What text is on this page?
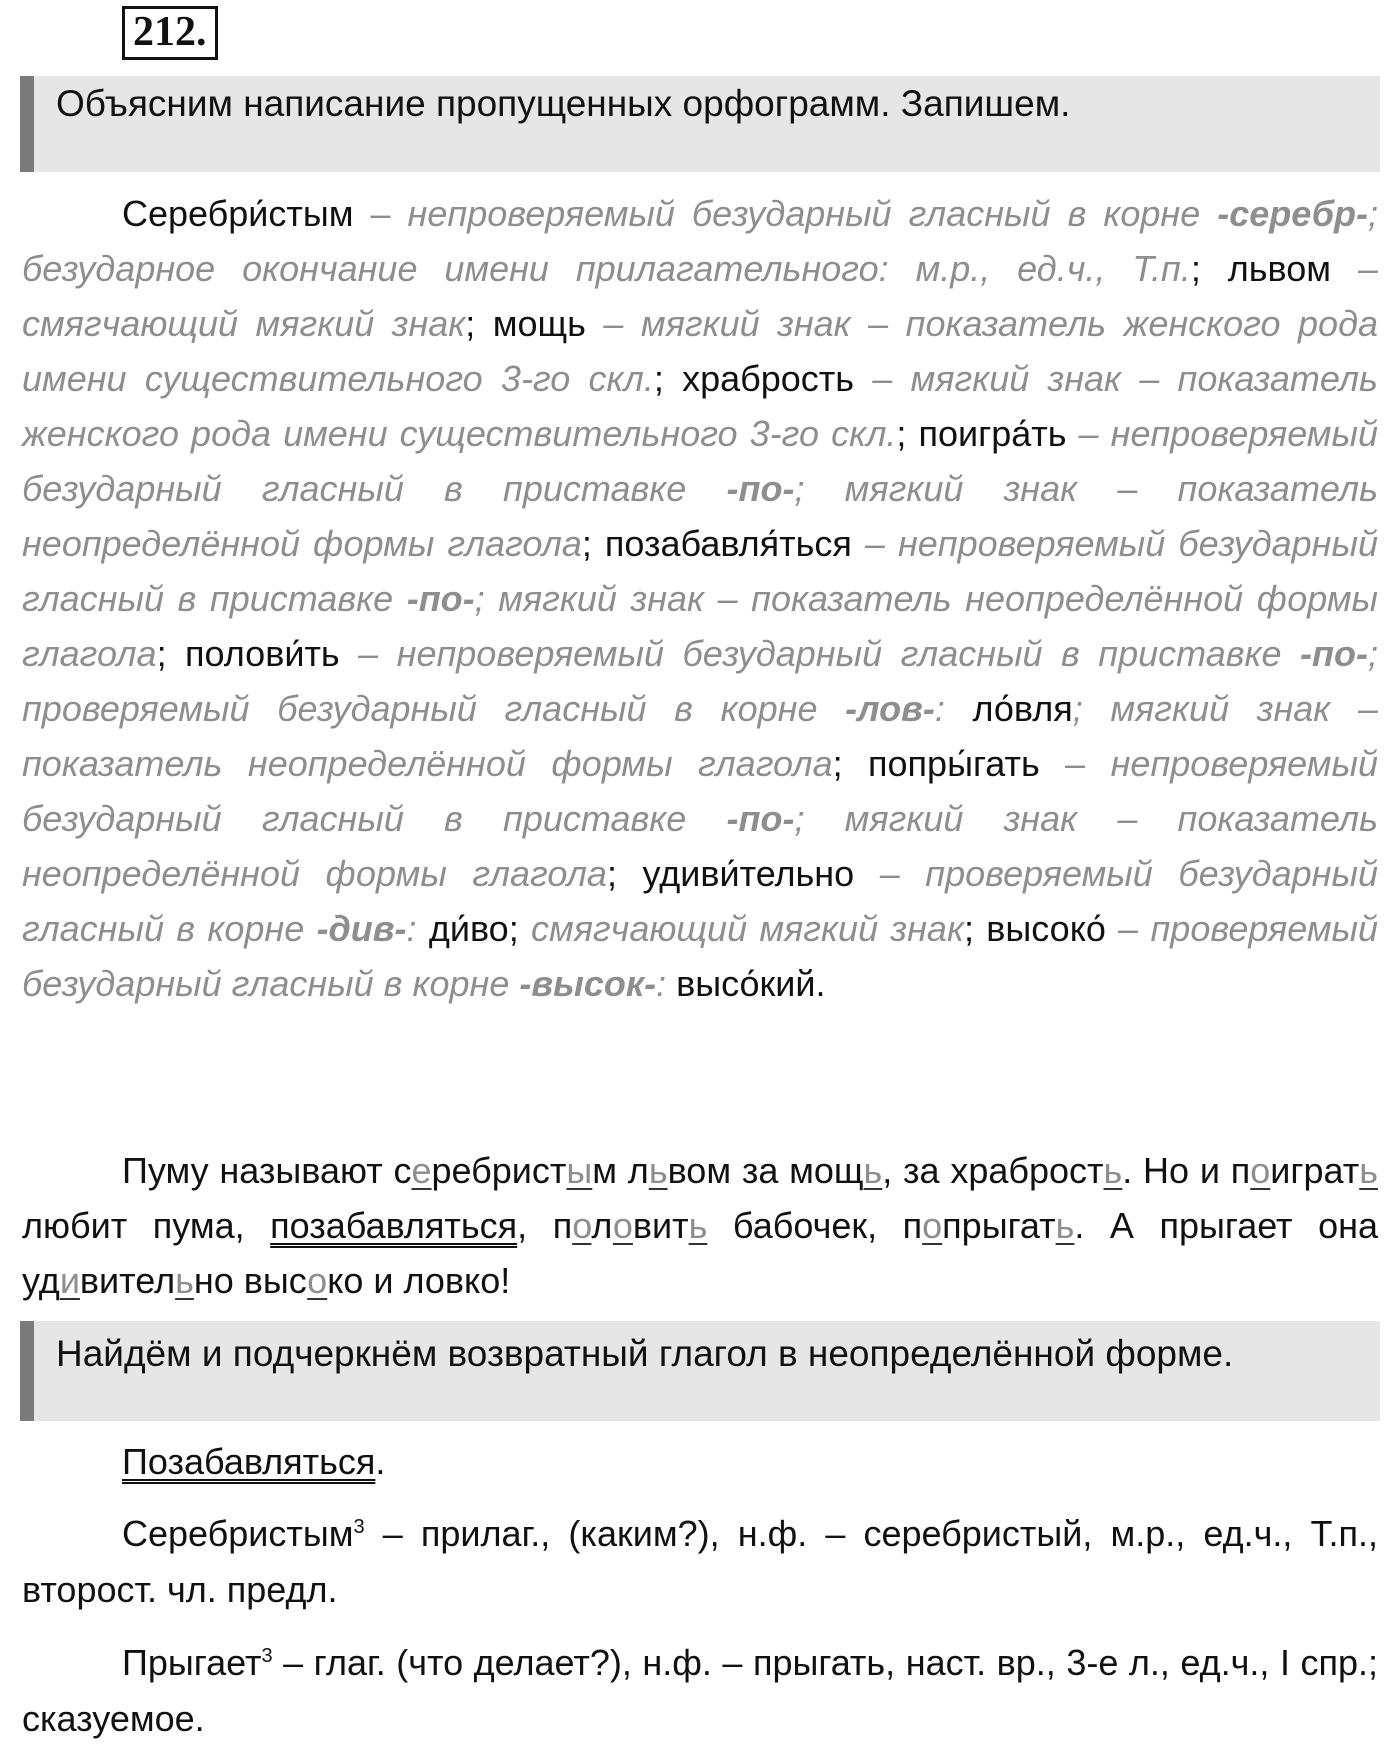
212.
Объясним написание пропущенных орфограмм. Запишем.

Серебри́стым – непроверяемый безударный гласный в корне -серебр-; безударное окончание имени прилагательного: м.р., ед.ч., Т.п.; львом – смягчающий мягкий знак; мощь – мягкий знак – показатель женского рода имени существительного 3-го скл.; храбрость – мягкий знак – показатель женского рода имени существительного 3-го скл.; поигра́ть – непроверяемый безударный гласный в приставке -по-; мягкий знак – показатель неопределённой формы глагола; позабавля́ться – непроверяемый безударный гласный в приставке -по-; мягкий знак – показатель неопределённой формы глагола; полови́ть – непроверяемый безударный гласный в приставке -по-; проверяемый безударный гласный в корне -лов-: ло́вля; мягкий знак – показатель неопределённой формы глагола; попры́гать – непроверяемый безударный гласный в приставке -по-; мягкий знак – показатель неопределённой формы глагола; удиви́тельно – проверяемый безударный гласный в корне -див-: ди́во; смягчающий мягкий знак; высоко́ – проверяемый безударный гласный в корне -высок-: высо́кий.

Пуму называют серебристым львом за мощь, за храбрость. Но и поиграть любит пума, позабавляться, половить бабочек, попрыгать. А прыгает она удивительно высоко и ловко!

Найдём и подчеркнём возвратный глагол в неопределённой форме.

Позабавляться.

Серебристым$^3$ – прилаг., (каким?), н.ф. – серебристый, м.р., ед.ч., Т.п., второст. чл. предл.

Прыгает$^3$ – глаг. (что делает?), н.ф. – прыгать, наст. вр., 3-е л., ед.ч., I спр.; сказуемое.
